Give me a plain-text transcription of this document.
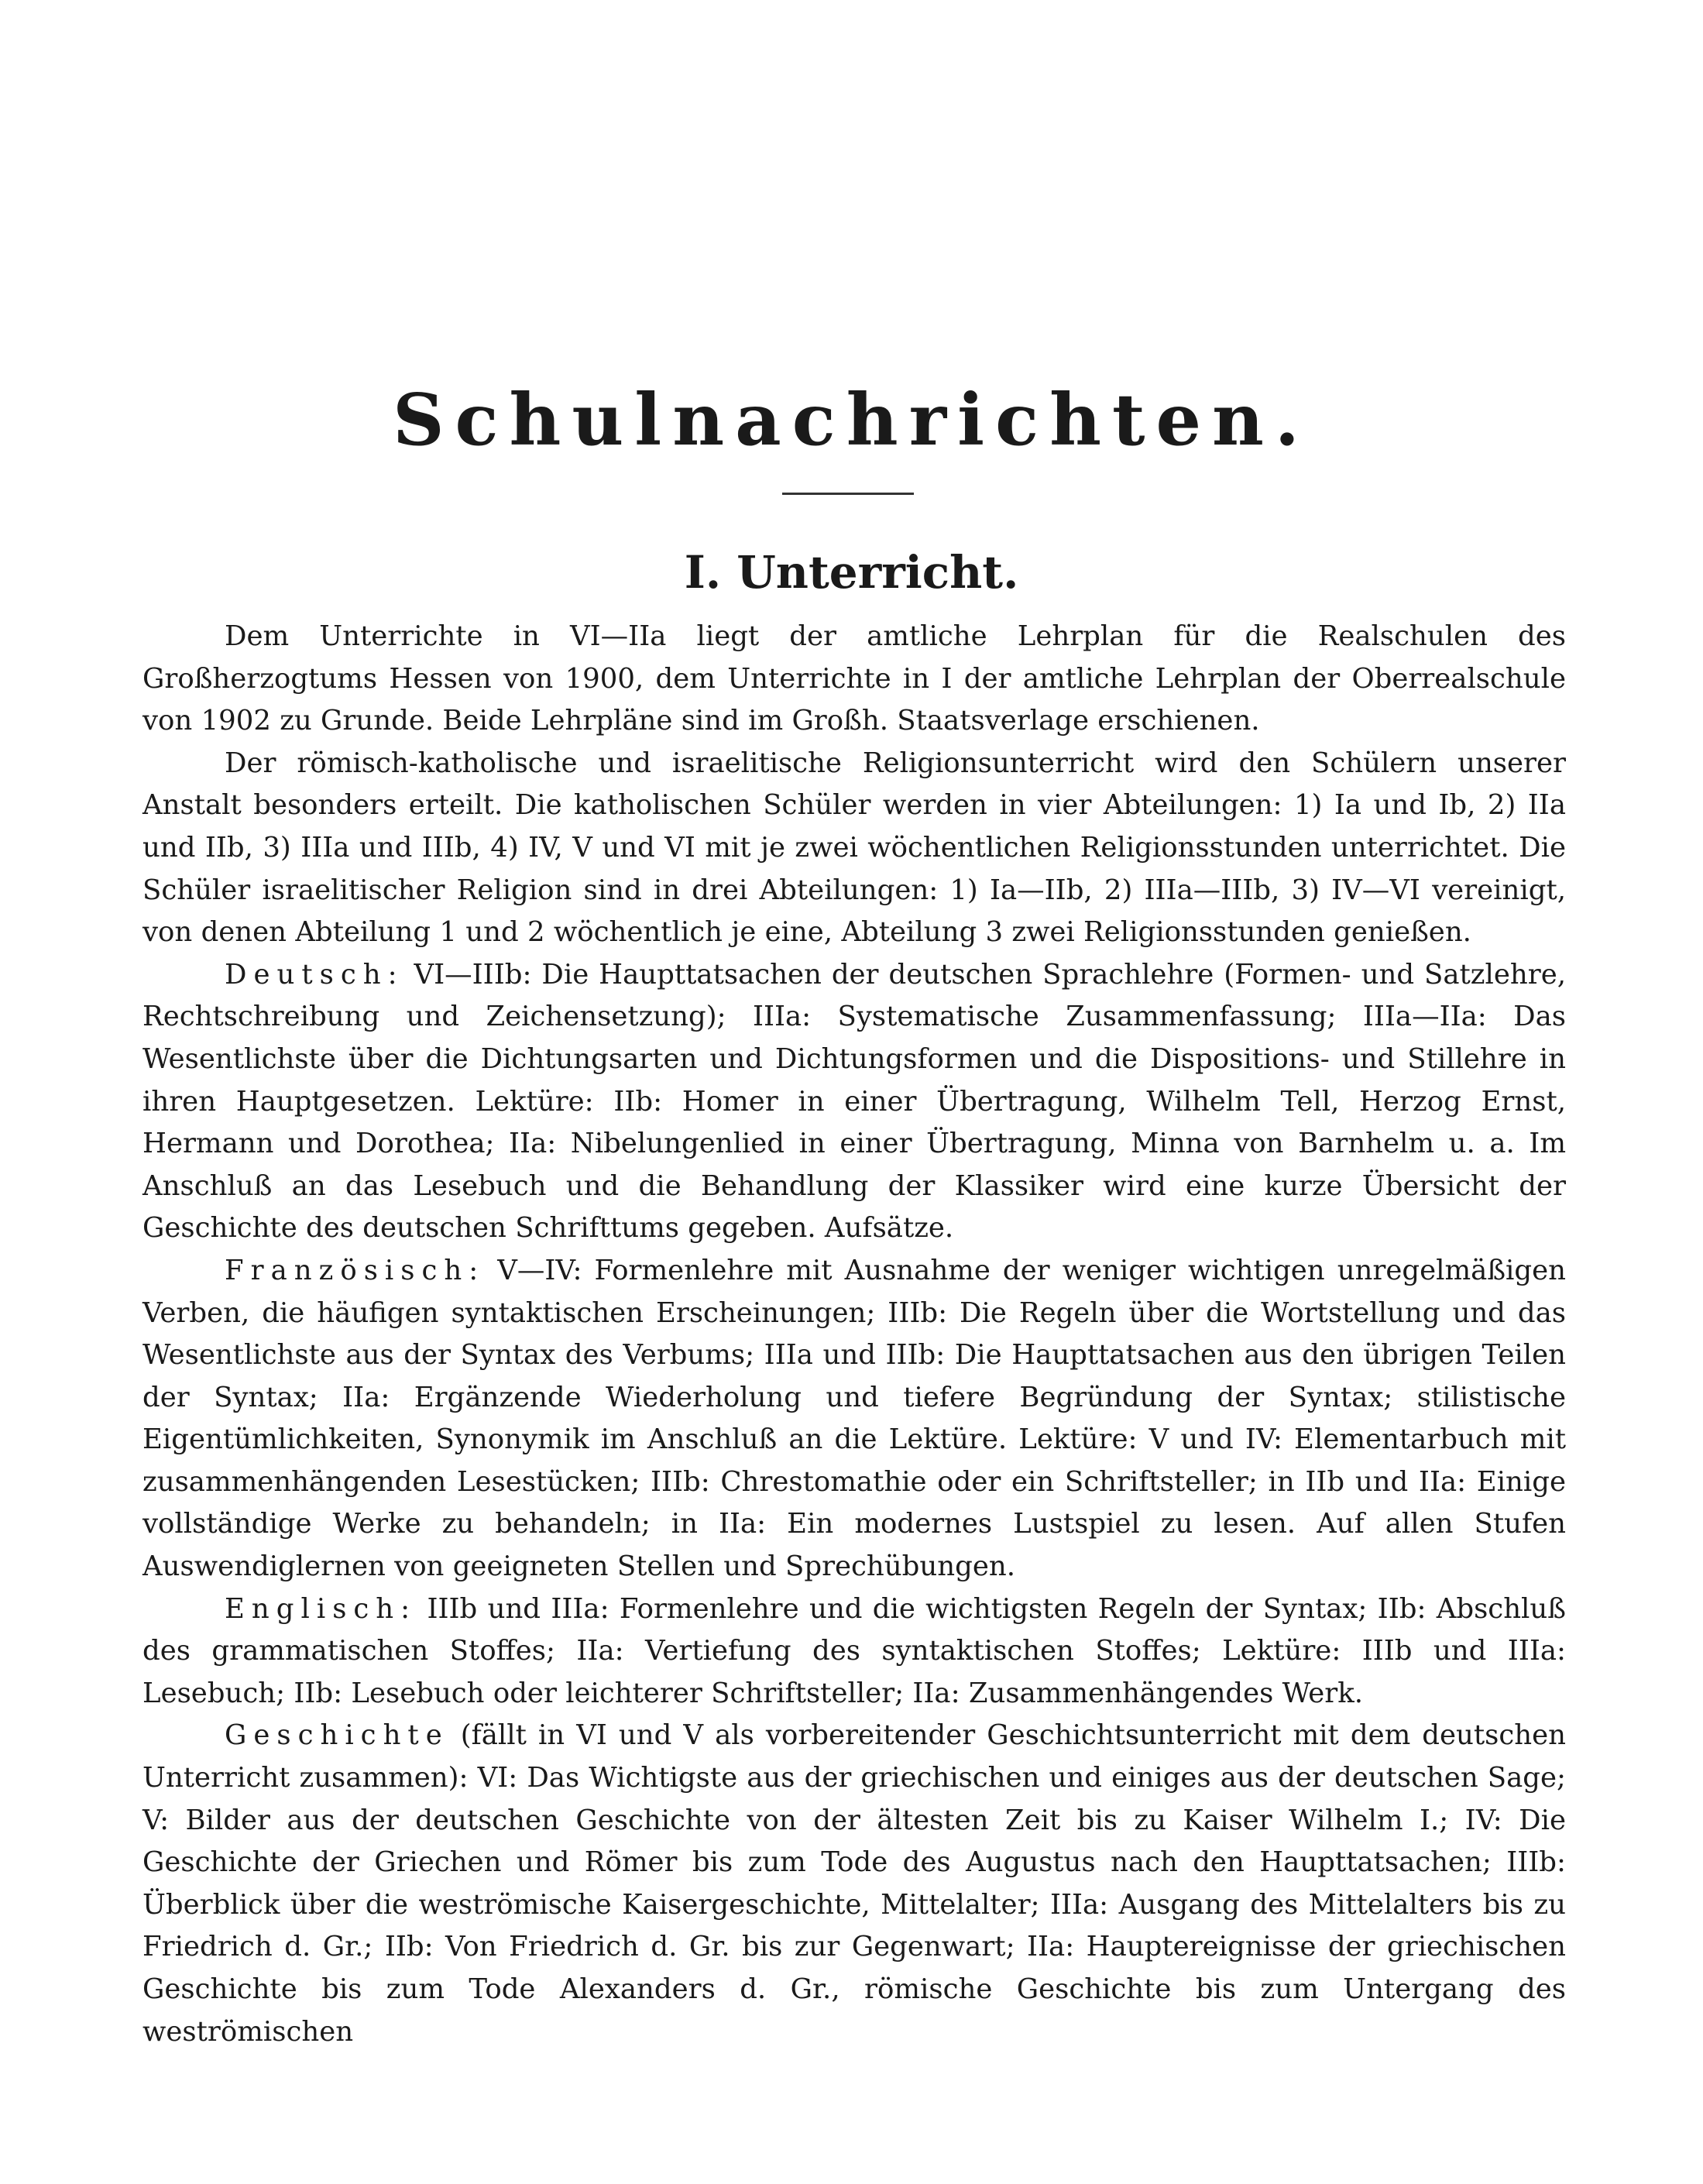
Schulnachrichten.
I. Unterricht.

Dem Unterrichte in VI—IIa liegt der amtliche Lehrplan für die Realschulen des Großherzogtums Hessen von 1900, dem Unterrichte in I der amtliche Lehrplan der Oberrealschule von 1902 zu Grunde. Beide Lehrpläne sind im Großh. Staatsverlage erschienen.

Der römisch-katholische und israelitische Religionsunterricht wird den Schülern unserer Anstalt besonders erteilt. Die katholischen Schüler werden in vier Abteilungen: 1) Ia und Ib, 2) IIa und IIb, 3) IIIa und IIIb, 4) IV, V und VI mit je zwei wöchentlichen Religionsstunden unterrichtet. Die Schüler israelitischer Religion sind in drei Abteilungen: 1) Ia—IIb, 2) IIIa—IIIb, 3) IV—VI vereinigt, von denen Abteilung 1 und 2 wöchentlich je eine, Abteilung 3 zwei Religionsstunden genießen.

Deutsch: VI—IIIb: Die Haupttatsachen der deutschen Sprachlehre (Formen- und Satzlehre, Rechtschreibung und Zeichensetzung); IIIa: Systematische Zusammenfassung; IIIa—IIa: Das Wesentlichste über die Dichtungsarten und Dichtungsformen und die Dispositions- und Stillehre in ihren Hauptgesetzen. Lektüre: IIb: Homer in einer Übertragung, Wilhelm Tell, Herzog Ernst, Hermann und Dorothea; IIa: Nibelungenlied in einer Übertragung, Minna von Barnhelm u. a. Im Anschluß an das Lesebuch und die Behandlung der Klassiker wird eine kurze Übersicht der Geschichte des deutschen Schrifttums gegeben. Aufsätze.

Französisch: V—IV: Formenlehre mit Ausnahme der weniger wichtigen unregelmäßigen Verben, die häufigen syntaktischen Erscheinungen; IIIb: Die Regeln über die Wortstellung und das Wesentlichste aus der Syntax des Verbums; IIIa und IIIb: Die Haupttatsachen aus den übrigen Teilen der Syntax; IIa: Ergänzende Wiederholung und tiefere Begründung der Syntax; stilistische Eigentümlichkeiten, Synonymik im Anschluß an die Lektüre. Lektüre: V und IV: Elementarbuch mit zusammenhängenden Lesestücken; IIIb: Chrestomathie oder ein Schriftsteller; in IIb und IIa: Einige vollständige Werke zu behandeln; in IIa: Ein modernes Lustspiel zu lesen. Auf allen Stufen Auswendiglernen von geeigneten Stellen und Sprechübungen.

Englisch: IIIb und IIIa: Formenlehre und die wichtigsten Regeln der Syntax; IIb: Abschluß des grammatischen Stoffes; IIa: Vertiefung des syntaktischen Stoffes; Lektüre: IIIb und IIIa: Lesebuch; IIb: Lesebuch oder leichterer Schriftsteller; IIa: Zusammenhängendes Werk.

Geschichte (fällt in VI und V als vorbereitender Geschichtsunterricht mit dem deutschen Unterricht zusammen): VI: Das Wichtigste aus der griechischen und einiges aus der deutschen Sage; V: Bilder aus der deutschen Geschichte von der ältesten Zeit bis zu Kaiser Wilhelm I.; IV: Die Geschichte der Griechen und Römer bis zum Tode des Augustus nach den Haupttatsachen; IIIb: Überblick über die weströmische Kaisergeschichte, Mittelalter; IIIa: Ausgang des Mittelalters bis zu Friedrich d. Gr.; IIb: Von Friedrich d. Gr. bis zur Gegenwart; IIa: Hauptereignisse der griechischen Geschichte bis zum Tode Alexanders d. Gr., römische Geschichte bis zum Untergang des weströmischen
